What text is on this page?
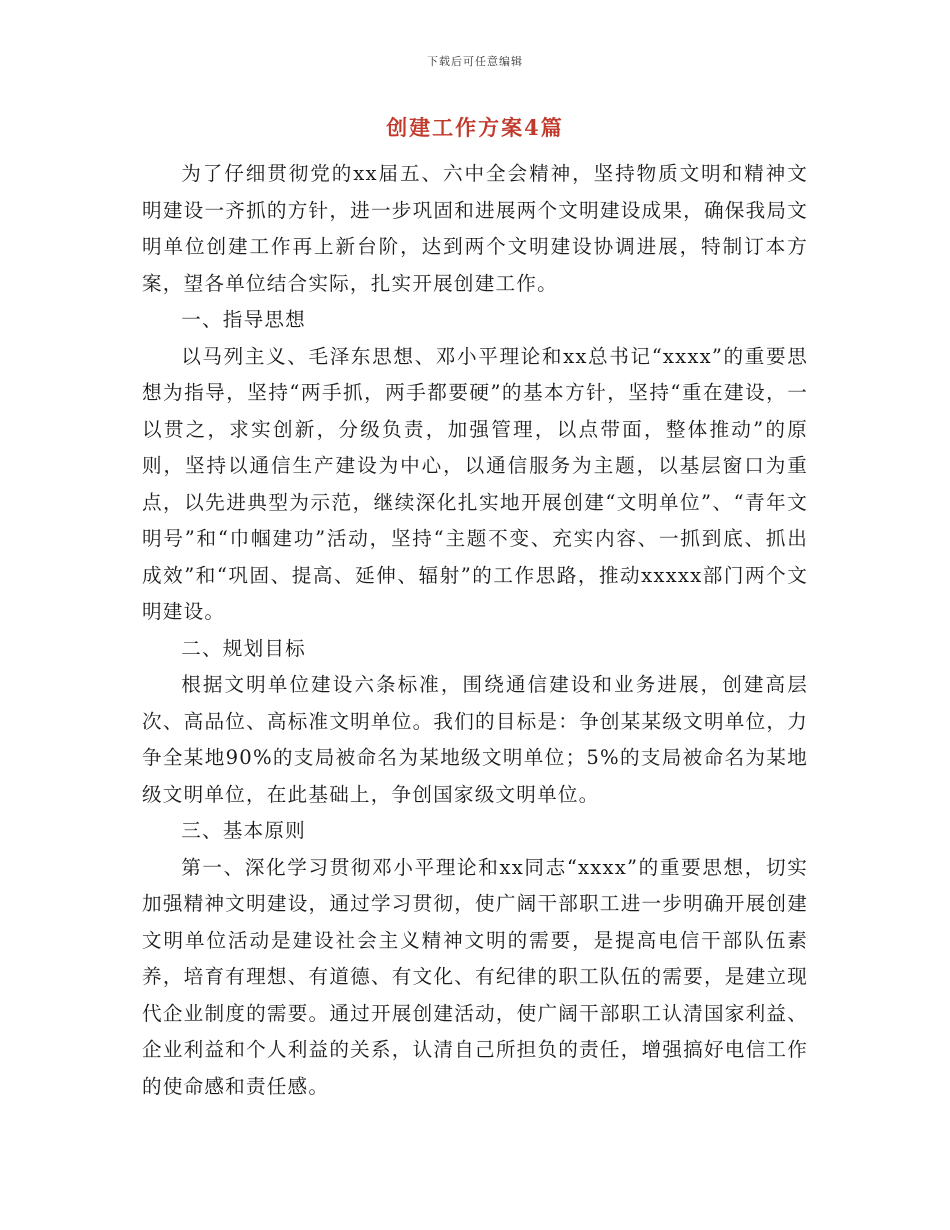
下载后可任意编辑
创建工作方案4篇

为了仔细贯彻党的xx届五、六中全会精神，坚持物质文明和精神文明建设一齐抓的方针，进一步巩固和进展两个文明建设成果，确保我局文明单位创建工作再上新台阶，达到两个文明建设协调进展，特制订本方案，望各单位结合实际，扎实开展创建工作。

一、指导思想

以马列主义、毛泽东思想、邓小平理论和xx总书记“xxxx”的重要思想为指导，坚持“两手抓，两手都要硬”的基本方针，坚持“重在建设，一以贯之，求实创新，分级负责，加强管理，以点带面，整体推动”的原则，坚持以通信生产建设为中心，以通信服务为主题，以基层窗口为重点，以先进典型为示范，继续深化扎实地开展创建“文明单位”、“青年文明号”和“巾帼建功”活动，坚持“主题不变、充实内容、一抓到底、抓出成效”和“巩固、提高、延伸、辐射”的工作思路，推动xxxxx部门两个文明建设。

二、规划目标

根据文明单位建设六条标准，围绕通信建设和业务进展，创建高层次、高品位、高标准文明单位。我们的目标是：争创某某级文明单位，力争全某地90%的支局被命名为某地级文明单位；5%的支局被命名为某地级文明单位，在此基础上，争创国家级文明单位。

三、基本原则

第一、深化学习贯彻邓小平理论和xx同志“xxxx”的重要思想，切实加强精神文明建设，通过学习贯彻，使广阔干部职工进一步明确开展创建文明单位活动是建设社会主义精神文明的需要，是提高电信干部队伍素养，培育有理想、有道德、有文化、有纪律的职工队伍的需要，是建立现代企业制度的需要。通过开展创建活动，使广阔干部职工认清国家利益、企业利益和个人利益的关系，认清自己所担负的责任，增强搞好电信工作的使命感和责任感。
